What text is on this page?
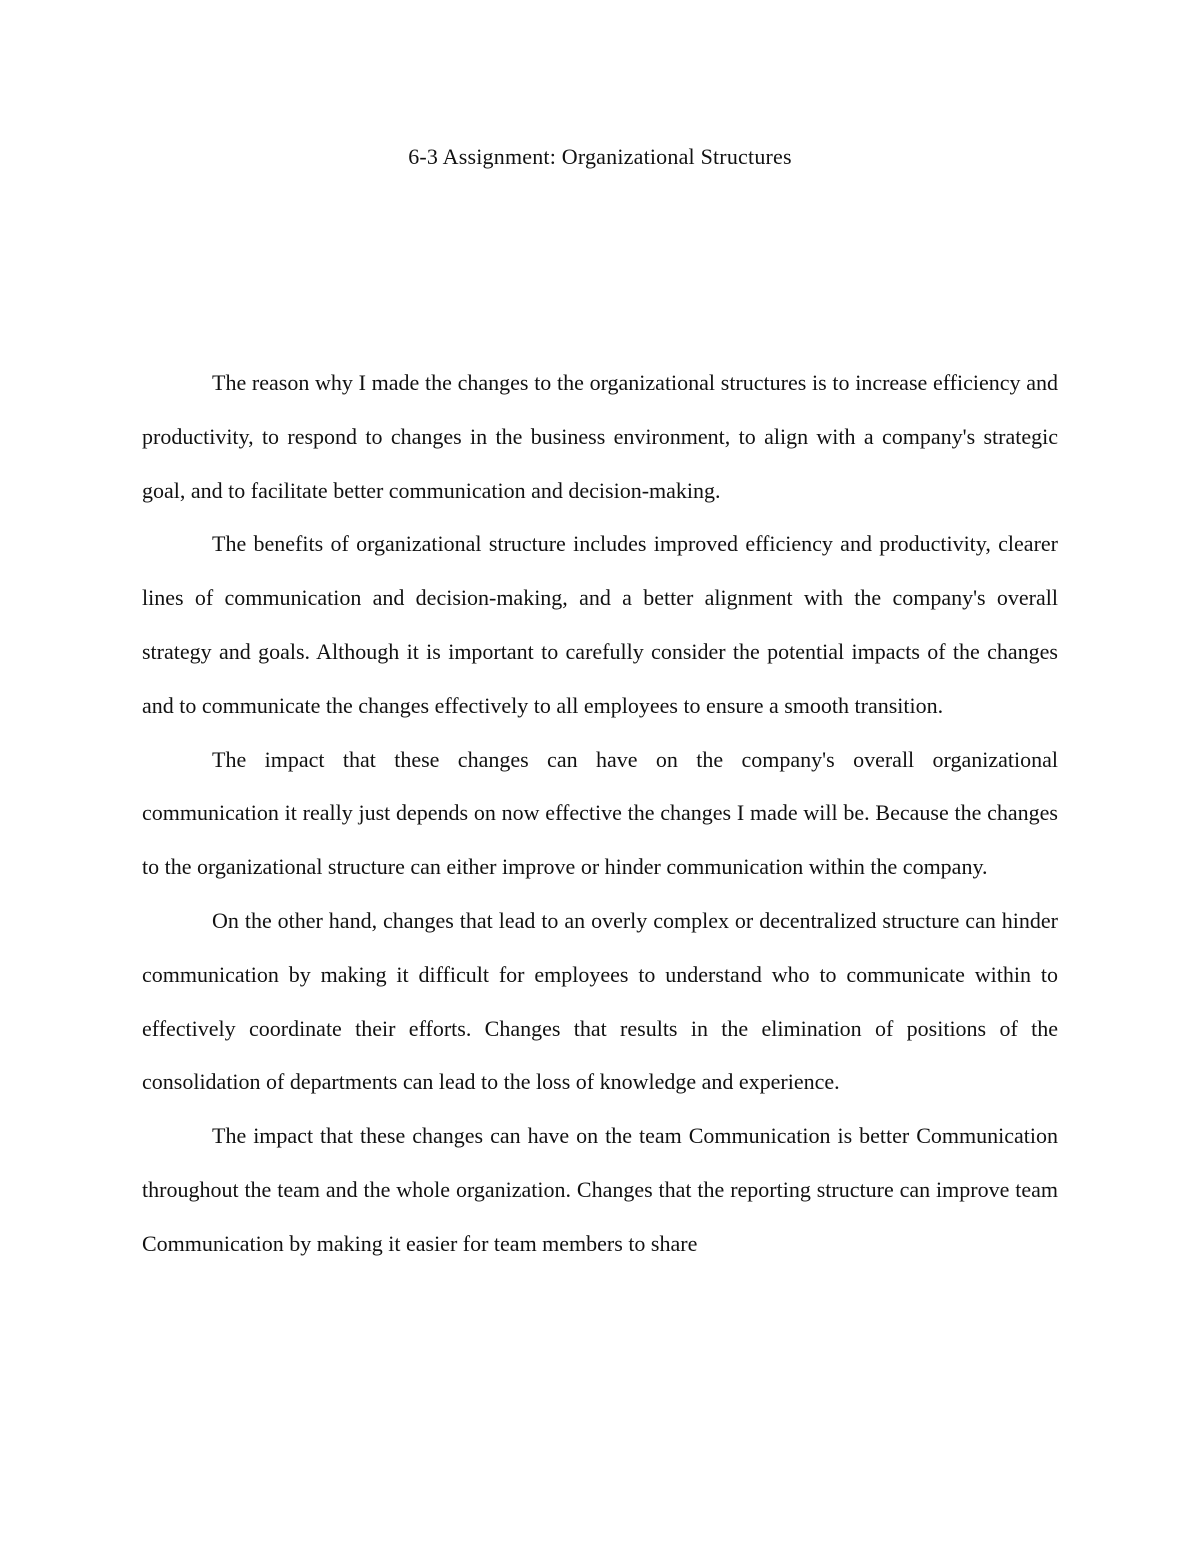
6-3 Assignment: Organizational Structures

The reason why I made the changes to the organizational structures is to increase efficiency and productivity, to respond to changes in the business environment, to align with a company's strategic goal, and to facilitate better communication and decision-making.

The benefits of organizational structure includes improved efficiency and productivity, clearer lines of communication and decision-making, and a better alignment with the company's overall strategy and goals. Although it is important to carefully consider the potential impacts of the changes and to communicate the changes effectively to all employees to ensure a smooth transition.

The impact that these changes can have on the company's overall organizational communication it really just depends on now effective the changes I made will be. Because the changes to the organizational structure can either improve or hinder communication within the company.

On the other hand, changes that lead to an overly complex or decentralized structure can hinder communication by making it difficult for employees to understand who to communicate within to effectively coordinate their efforts. Changes that results in the elimination of positions of the consolidation of departments can lead to the loss of knowledge and experience.

The impact that these changes can have on the team Communication is better Communication throughout the team and the whole organization. Changes that the reporting structure can improve team Communication by making it easier for team members to share
